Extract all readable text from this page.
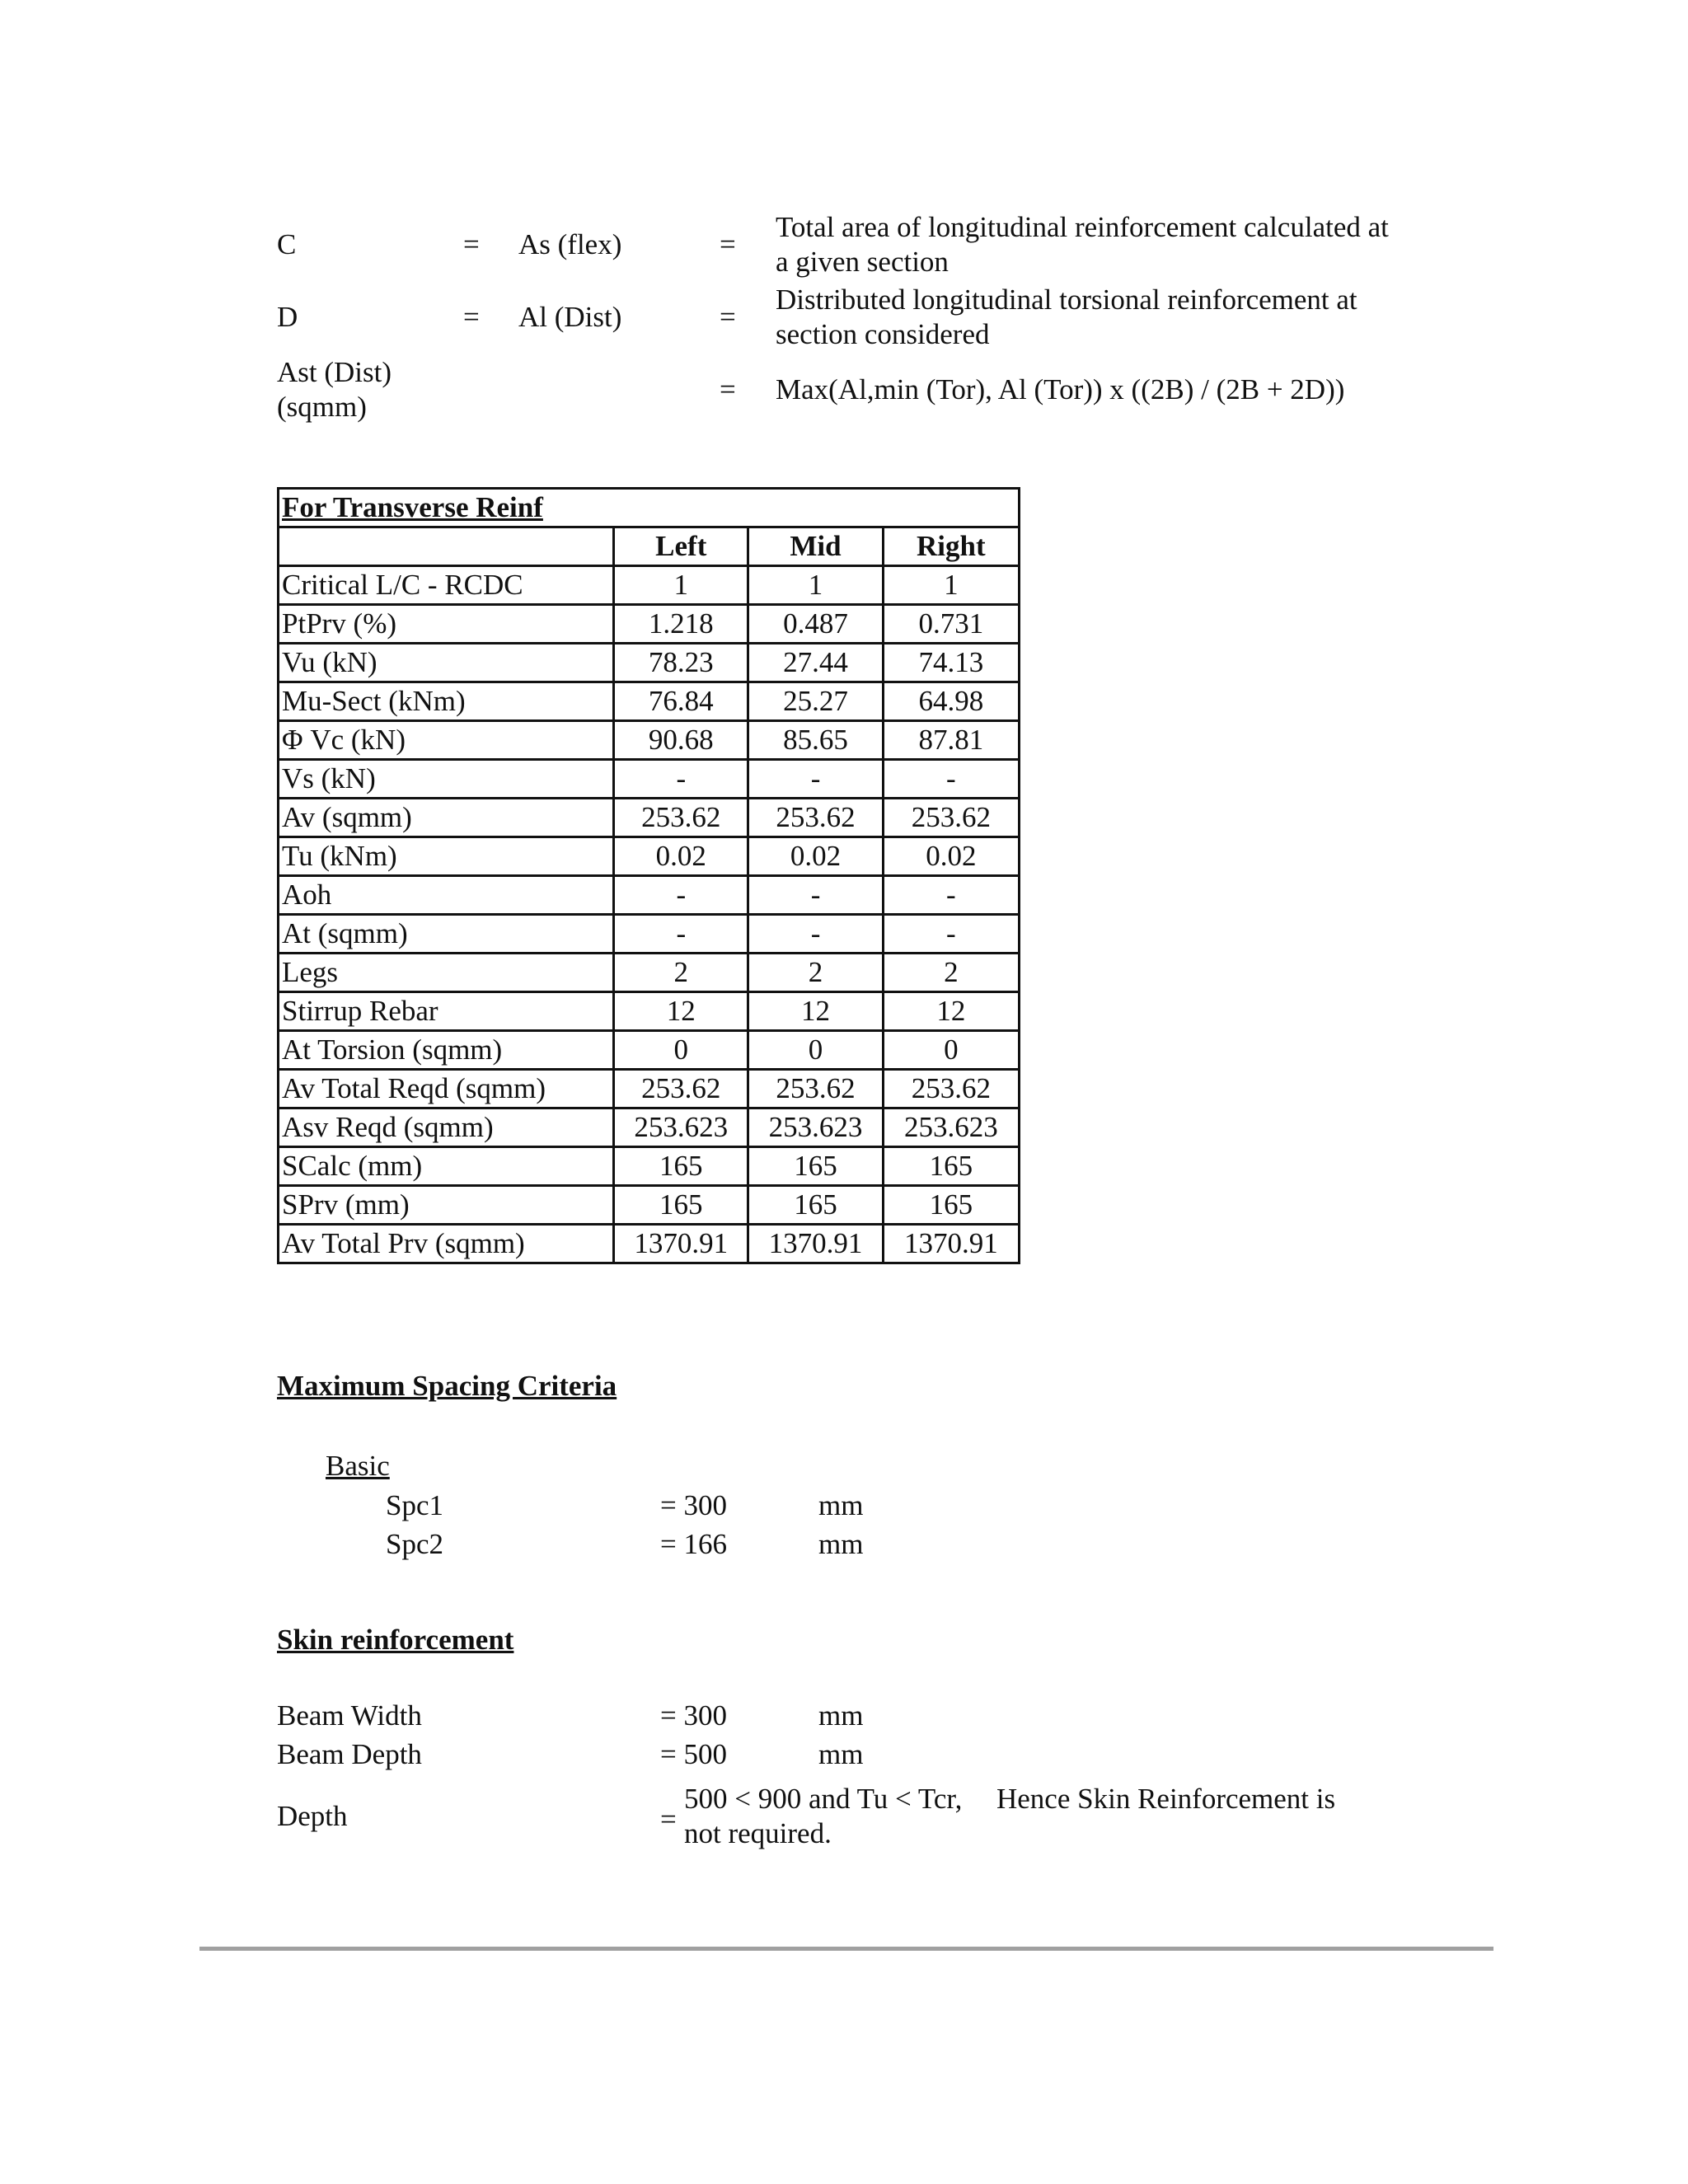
C	= As (flex)	=
Total area of longitudinal reinforcement calculated at a given section
D	= Al (Dist)	=
Distributed longitudinal torsional reinforcement at section considered
Ast (Dist) (sqmm)
= Max(Al,min (Tor), Al (Tor)) x ((2B) / (2B + 2D))
For Transverse Reinf			
	Left	Mid	Right
Critical L/C - RCDC	1	1	1
PtPrv (%)	1.218	0.487	0.731
Vu (kN)	78.23	27.44	74.13
Mu-Sect (kNm)	76.84	25.27	64.98
Φ Vc (kN)	90.68	85.65	87.81
Vs (kN)	-	-	-
Av (sqmm)	253.62	253.62	253.62
Tu (kNm)	0.02	0.02	0.02
Aoh	-	-	-
At (sqmm)	-	-	-
Legs	2	2	2
Stirrup Rebar	12	12	12
At Torsion (sqmm)	0	0	0
Av Total Reqd (sqmm)	253.62	253.62	253.62
Asv Reqd (sqmm)	253.623	253.623	253.623
SCalc (mm)	165	165	165
SPrv (mm)	165	165	165
Av Total Prv (sqmm)	1370.91	1370.91	1370.91
Maximum Spacing Criteria
Basic
Spc1	= 300	mm
Spc2	= 166	mm
Skin reinforcement
Beam Width	= 300	mm
Beam Depth	= 500	mm
Depth	=
500 < 900 and Tu < Tcr, Hence Skin Reinforcement is
not required.
